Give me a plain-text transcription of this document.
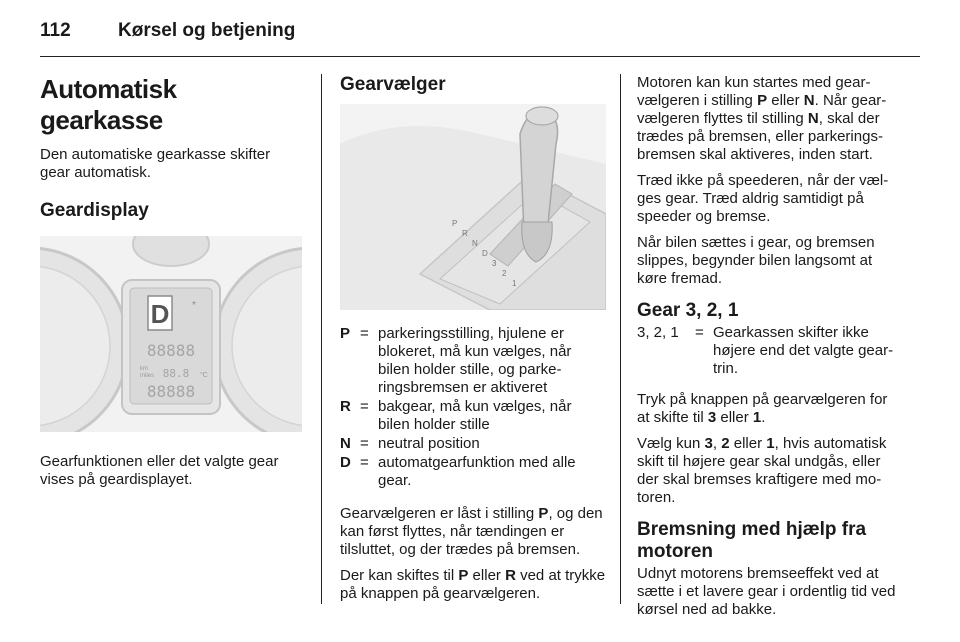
112 Kørsel og betjening
Automatisk gearkasse

Den automatiske gearkasse skifter gear automatisk.

Geardisplay
D *
88888
km
miles 88.8 °C
88888

Gearfunktionen eller det valgte gear vises på geardisplayet.

Gearvælger
P
R
N
D
3
2
1
P	=	parkeringsstilling, hjulene er blokeret, må kun vælges, når bilen holder stille, og parke-ringsbremsen er aktiveret
R	=	bakgear, må kun vælges, når bilen holder stille
N	=	neutral position
D	=	automatgearfunktion med alle gear.

Gearvælgeren er låst i stilling P, og den kan først flyttes, når tændingen er tilsluttet, og der trædes på bremsen.

Der kan skiftes til P eller R ved at trykke på knappen på gearvælgeren.

Motoren kan kun startes med gear-vælgeren i stilling P eller N. Når gear-vælgeren flyttes til stilling N, skal der trædes på bremsen, eller parkerings-bremsen skal aktiveres, inden start.

Træd ikke på speederen, når der væl-ges gear. Træd aldrig samtidigt på speeder og bremse.

Når bilen sættes i gear, og bremsen slippes, begynder bilen langsomt at køre fremad.

Gear 3, 2, 1
3, 2, 1	=	Gearkassen skifter ikke højere end det valgte gear-trin.

Tryk på knappen på gearvælgeren for at skifte til 3 eller 1.

Vælg kun 3, 2 eller 1, hvis automatisk skift til højere gear skal undgås, eller der skal bremses kraftigere med mo-toren.

Bremsning med hjælp fra motoren

Udnyt motorens bremseeffekt ved at sætte i et lavere gear i ordentlig tid ved kørsel ned ad bakke.
